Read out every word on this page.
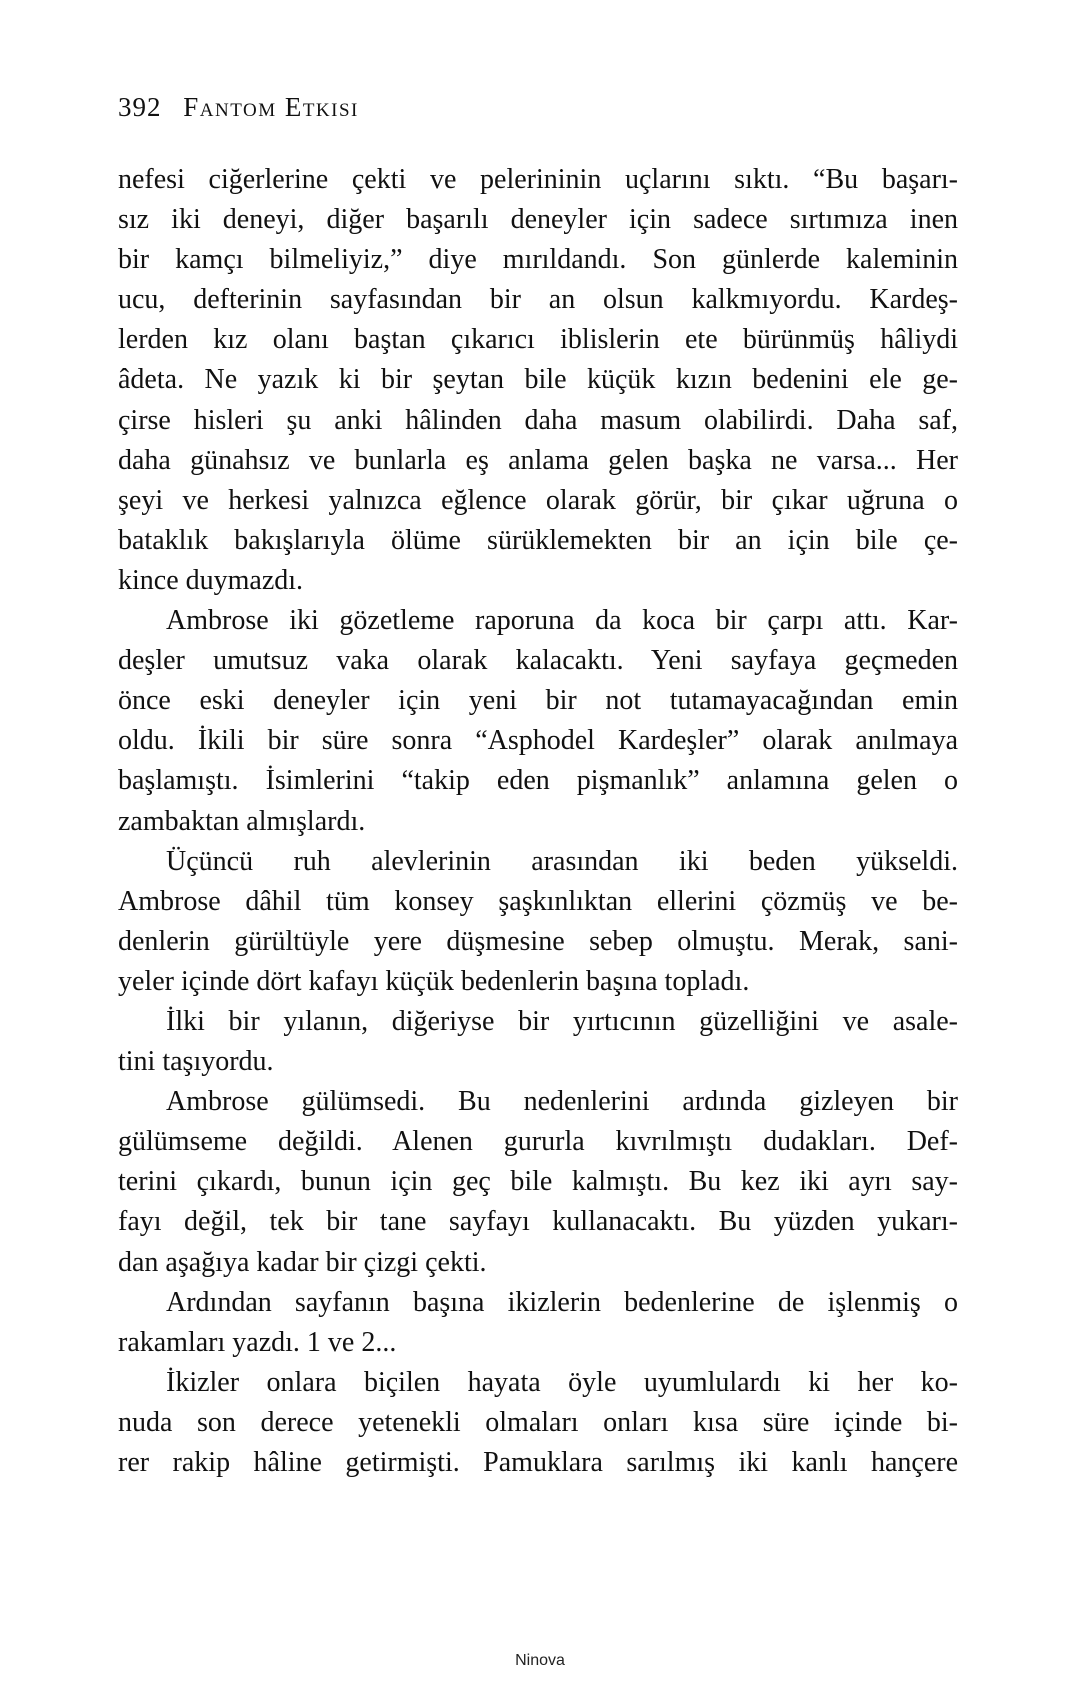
392 Fantom Etkisi
nefesi ciğerlerine çekti ve pelerininin uçlarını sıktı. “Bu başarı-
sız iki deneyi, diğer başarılı deneyler için sadece sırtımıza inen
bir kamçı bilmeliyiz,” diye mırıldandı. Son günlerde kaleminin
ucu, defterinin sayfasından bir an olsun kalkmıyordu. Kardeş-
lerden kız olanı baştan çıkarıcı iblislerin ete bürünmüş hâliydi
âdeta. Ne yazık ki bir şeytan bile küçük kızın bedenini ele ge-
çirse hisleri şu anki hâlinden daha masum olabilirdi. Daha saf,
daha günahsız ve bunlarla eş anlama gelen başka ne varsa... Her
şeyi ve herkesi yalnızca eğlence olarak görür, bir çıkar uğruna o
bataklık bakışlarıyla ölüme sürüklemekten bir an için bile çe-
kince duymazdı.
Ambrose iki gözetleme raporuna da koca bir çarpı attı. Kar-
deşler umutsuz vaka olarak kalacaktı. Yeni sayfaya geçmeden
önce eski deneyler için yeni bir not tutamayacağından emin
oldu. İkili bir süre sonra “Asphodel Kardeşler” olarak anılmaya
başlamıştı. İsimlerini “takip eden pişmanlık” anlamına gelen o
zambaktan almışlardı.
Üçüncü ruh alevlerinin arasından iki beden yükseldi.
Ambrose dâhil tüm konsey şaşkınlıktan ellerini çözmüş ve be-
denlerin gürültüyle yere düşmesine sebep olmuştu. Merak, sani-
yeler içinde dört kafayı küçük bedenlerin başına topladı.
İlki bir yılanın, diğeriyse bir yırtıcının güzelliğini ve asale-
tini taşıyordu.
Ambrose gülümsedi. Bu nedenlerini ardında gizleyen bir
gülümseme değildi. Alenen gururla kıvrılmıştı dudakları. Def-
terini çıkardı, bunun için geç bile kalmıştı. Bu kez iki ayrı say-
fayı değil, tek bir tane sayfayı kullanacaktı. Bu yüzden yukarı-
dan aşağıya kadar bir çizgi çekti.
Ardından sayfanın başına ikizlerin bedenlerine de işlenmiş o
rakamları yazdı. 1 ve 2...
İkizler onlara biçilen hayata öyle uyumlulardı ki her ko-
nuda son derece yetenekli olmaları onları kısa süre içinde bi-
rer rakip hâline getirmişti. Pamuklara sarılmış iki kanlı hançere
Ninova
